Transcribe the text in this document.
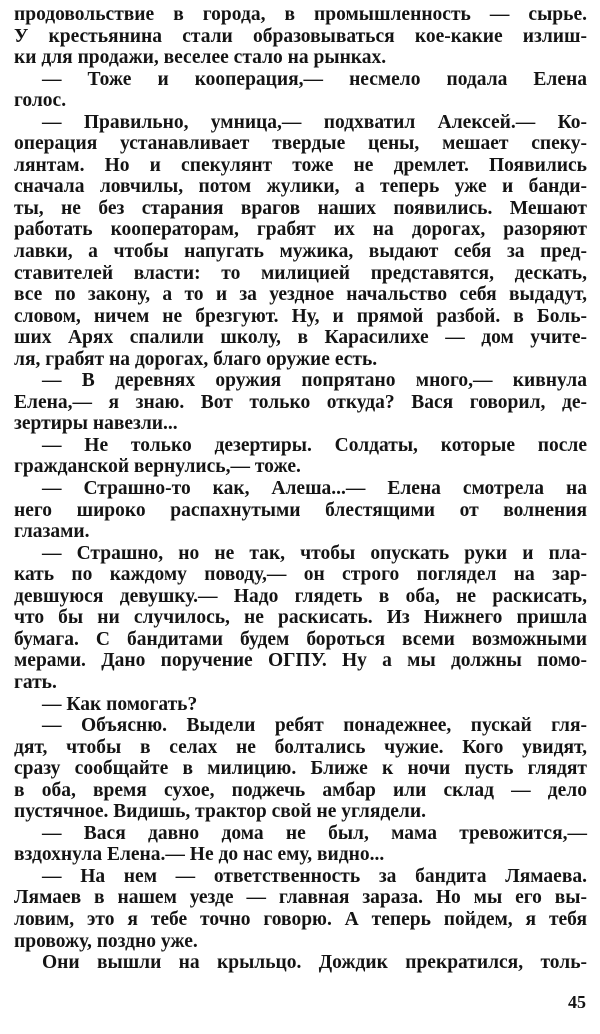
продовольствие в города, в промышленность — сырье.
У крестьянина стали образовываться кое-какие излиш-
ки для продажи, веселее стало на рынках.
— Тоже и кооперация,— несмело подала Елена
голос.
— Правильно, умница,— подхватил Алексей.— Ко-
операция устанавливает твердые цены, мешает спеку-
лянтам. Но и спекулянт тоже не дремлет. Появились
сначала ловчилы, потом жулики, а теперь уже и банди-
ты, не без старания врагов наших появились. Мешают
работать кооператорам, грабят их на дорогах, разоряют
лавки, а чтобы напугать мужика, выдают себя за пред-
ставителей власти: то милицией представятся, дескать,
все по закону, а то и за уездное начальство себя выдадут,
словом, ничем не брезгуют. Ну, и прямой разбой. в Боль-
ших Арях спалили школу, в Карасилихе — дом учите-
ля, грабят на дорогах, благо оружие есть.
— В деревнях оружия попрятано много,— кивнула
Елена,— я знаю. Вот только откуда? Вася говорил, де-
зертиры навезли...
— Не только дезертиры. Солдаты, которые после
гражданской вернулись,— тоже.
— Страшно-то как, Алеша...— Елена смотрела на
него широко распахнутыми блестящими от волнения
глазами.
— Страшно, но не так, чтобы опускать руки и пла-
кать по каждому поводу,— он строго поглядел на зар-
девшуюся девушку.— Надо глядеть в оба, не раскисать,
что бы ни случилось, не раскисать. Из Нижнего пришла
бумага. С бандитами будем бороться всеми возможными
мерами. Дано поручение ОГПУ. Ну а мы должны помо-
гать.
— Как помогать?
— Объясню. Выдели ребят понадежнее, пускай гля-
дят, чтобы в селах не болтались чужие. Кого увидят,
сразу сообщайте в милицию. Ближе к ночи пусть глядят
в оба, время сухое, поджечь амбар или склад — дело
пустячное. Видишь, трактор свой не углядели.
— Вася давно дома не был, мама тревожится,—
вздохнула Елена.— Не до нас ему, видно...
— На нем — ответственность за бандита Лямаева.
Лямаев в нашем уезде — главная зараза. Но мы его вы-
ловим, это я тебе точно говорю. А теперь пойдем, я тебя
провожу, поздно уже.
Они вышли на крыльцо. Дождик прекратился, толь-
45
